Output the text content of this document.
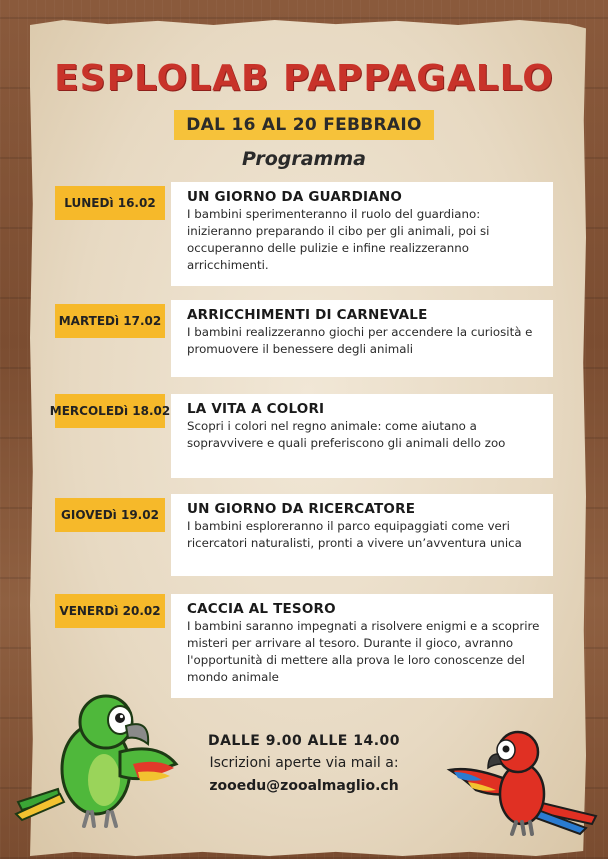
ESPLOLAB PAPPAGALLO
DAL 16 AL 20 FEBBRAIO
Programma
LUNEDì 16.02	UN GIORNO DA GUARDIANO

I bambini sperimenteranno il ruolo del guardiano: inizieranno preparando il cibo per gli animali, poi si occuperanno delle pulizie e infine realizzeranno arricchimenti.

MARTEDì 17.02 ARRICCHIMENTI DI CARNEVALE

I bambini realizzeranno giochi per accendere la curiosità e promuovere il benessere degli animali

MERCOLEDì 18.02 LA VITA A COLORI

Scopri i colori nel regno animale: come aiutano a sopravvivere e quali preferiscono gli animali dello zoo

GIOVEDì 19.02	UN GIORNO DA RICERCATORE

I bambini esploreranno il parco equipaggiati come veri ricercatori naturalisti, pronti a vivere un’avventura unica

VENERDì 20.02	CACCIA AL TESORO

I bambini saranno impegnati a risolvere enigmi e a scoprire misteri per arrivare al tesoro. Durante il gioco, avranno l'opportunità di mettere alla prova le loro conoscenze del mondo animale

DALLE 9.00 ALLE 14.00
Iscrizioni aperte via mail a:
zooedu@zooalmaglio.ch
